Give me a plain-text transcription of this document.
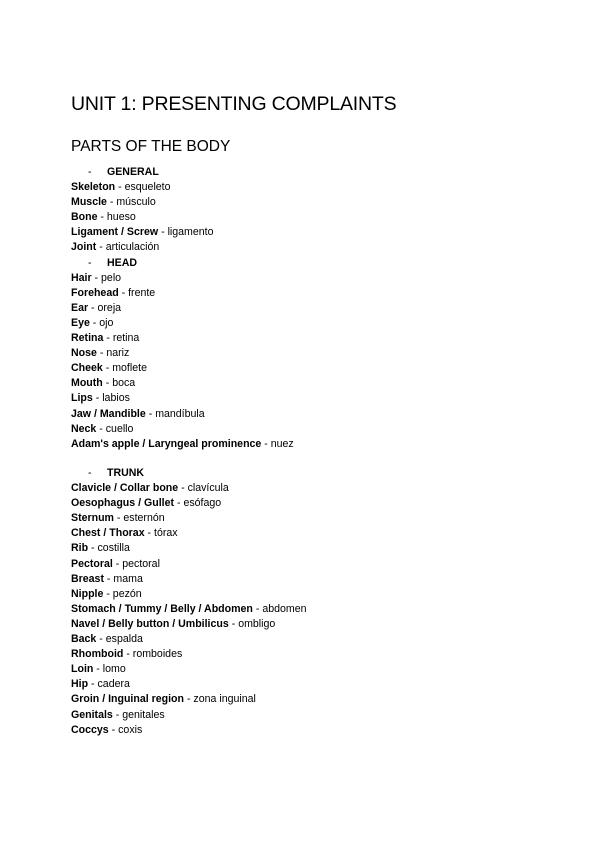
UNIT 1: PRESENTING COMPLAINTS
PARTS OF THE BODY
- GENERAL
Skeleton - esqueleto
Muscle - músculo
Bone - hueso
Ligament / Screw - ligamento
Joint - articulación
- HEAD
Hair - pelo
Forehead - frente
Ear - oreja
Eye - ojo
Retina - retina
Nose - nariz
Cheek - moflete
Mouth - boca
Lips - labios
Jaw / Mandible - mandíbula
Neck - cuello
Adam's apple / Laryngeal prominence - nuez
- TRUNK
Clavicle / Collar bone - clavícula
Oesophagus / Gullet - esófago
Sternum - esternón
Chest / Thorax - tórax
Rib - costilla
Pectoral - pectoral
Breast - mama
Nipple - pezón
Stomach / Tummy / Belly / Abdomen - abdomen
Navel / Belly button / Umbilicus - ombligo
Back - espalda
Rhomboid - romboides
Loin - lomo
Hip - cadera
Groin / Inguinal region - zona inguinal
Genitals - genitales
Coccys - coxis
